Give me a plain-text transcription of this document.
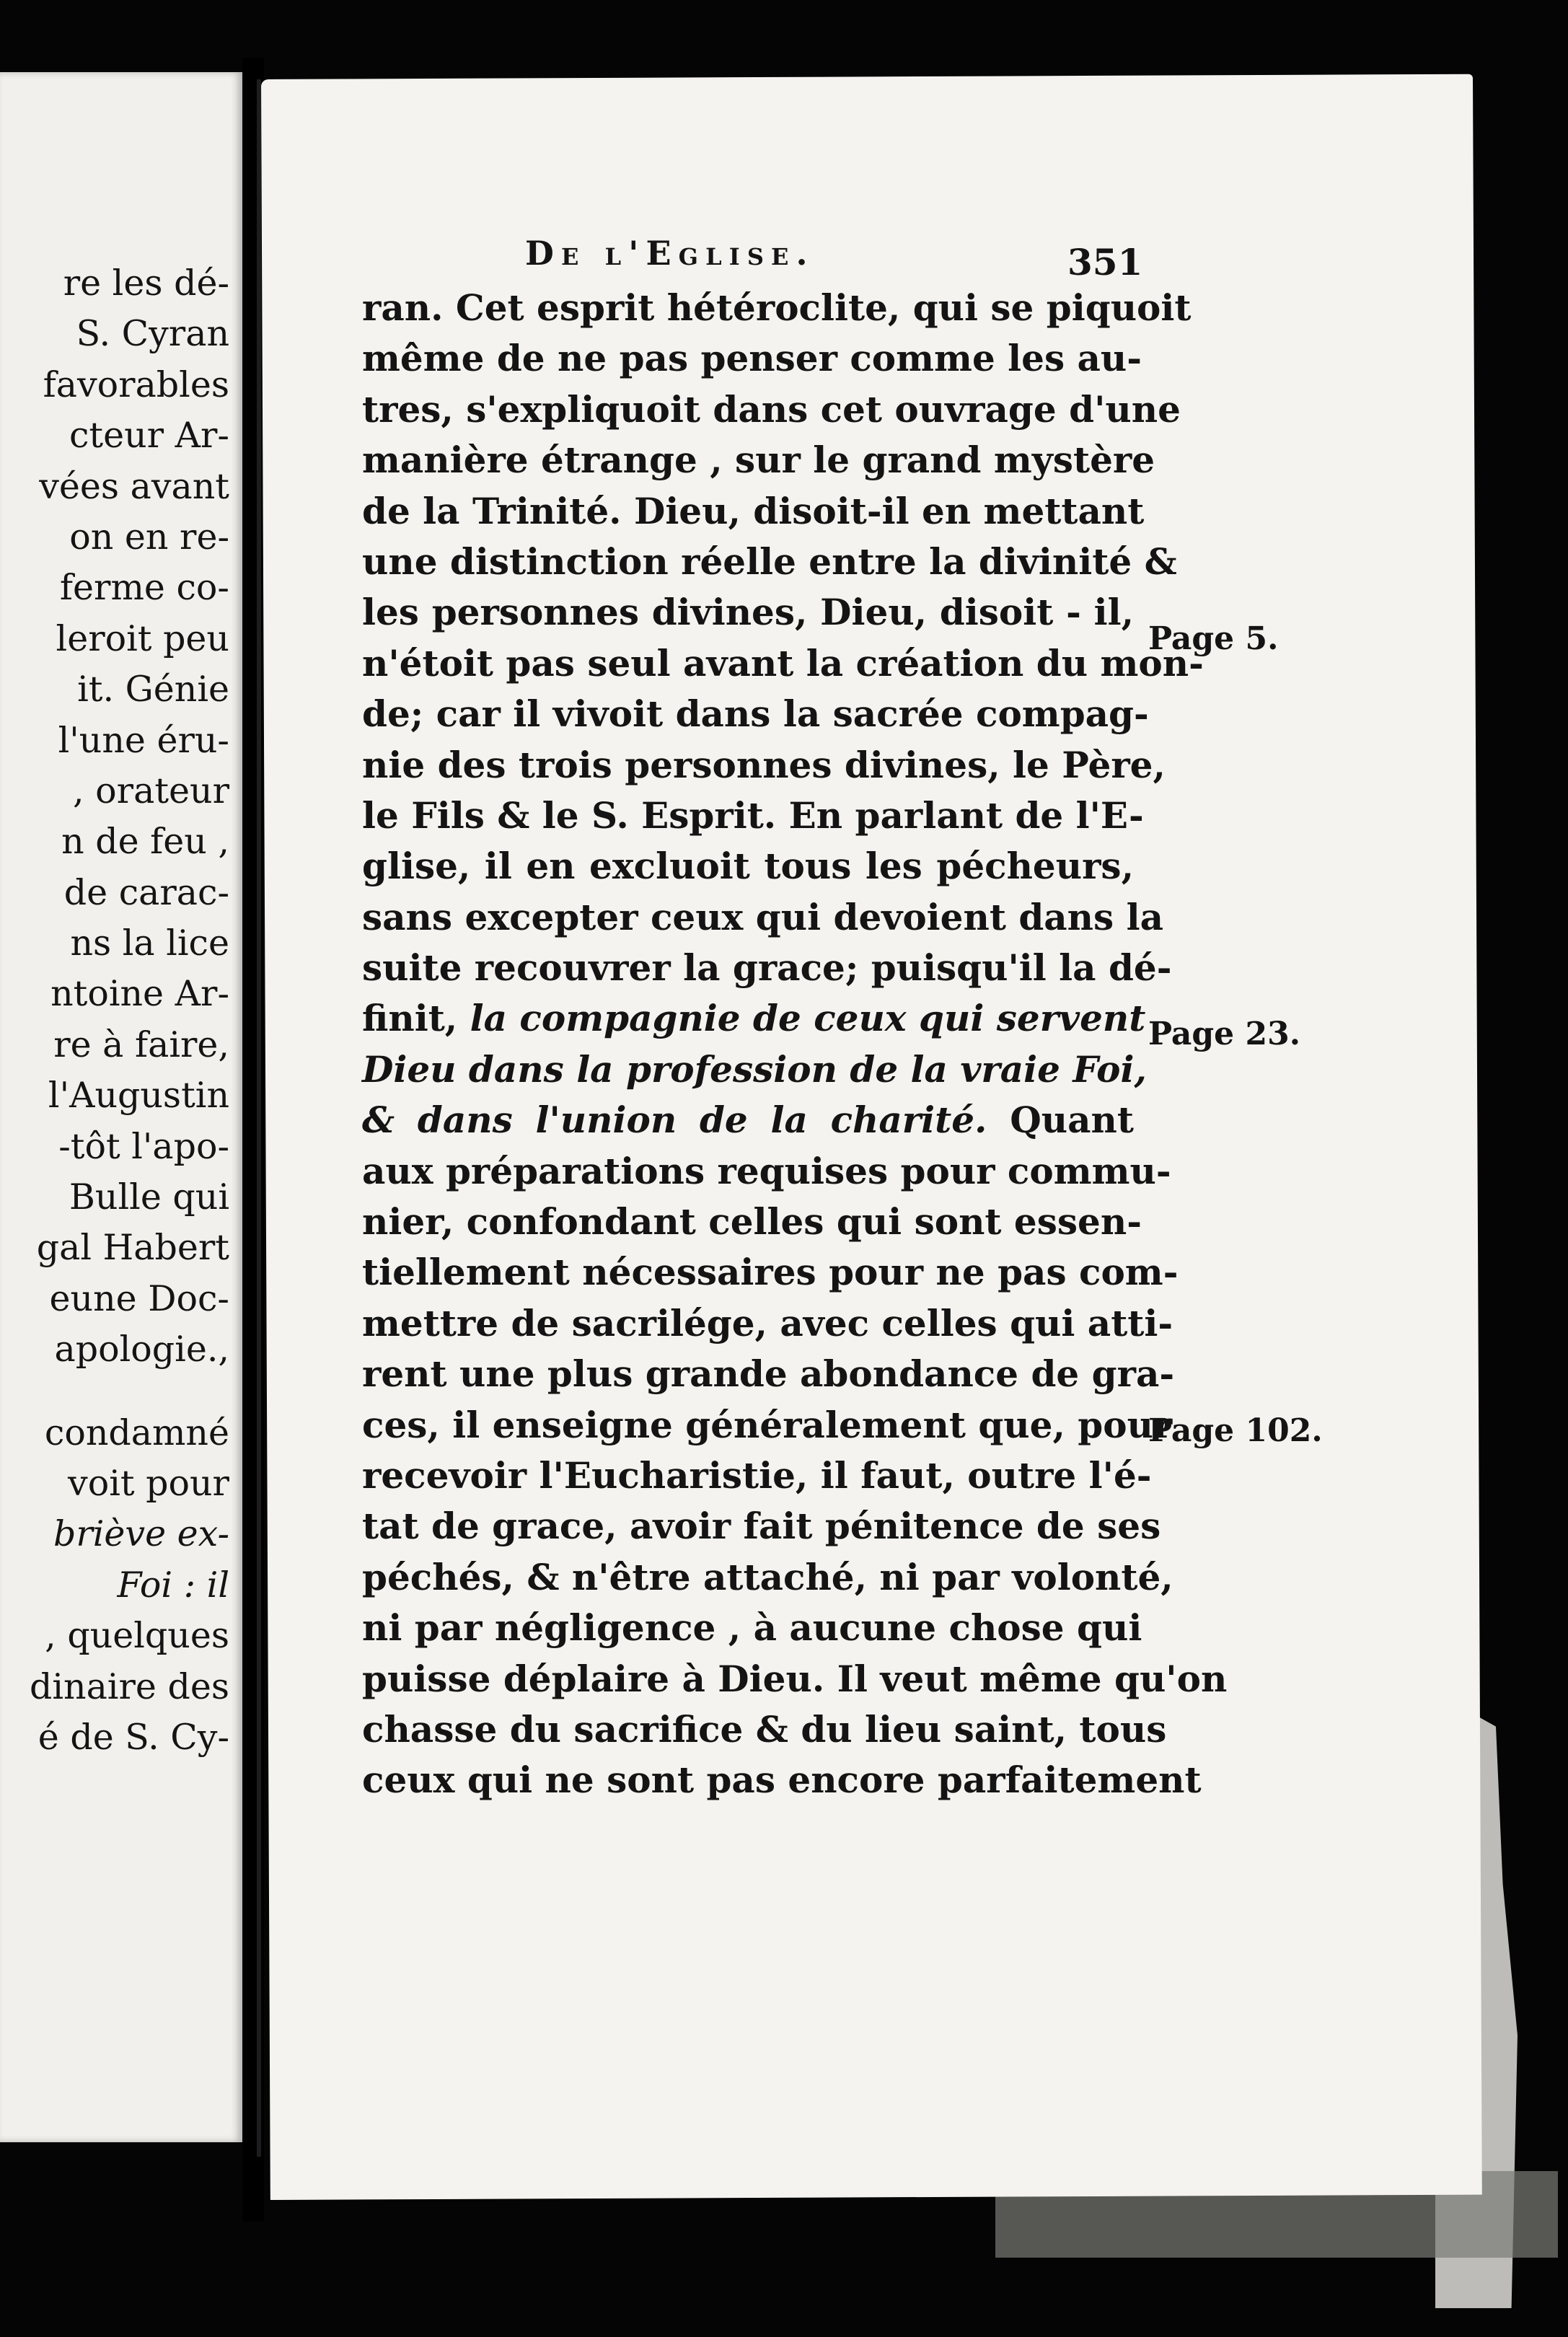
re les dé-
S. Cyran
favorables
cteur Ar-
vées avant
on en re-
ferme co-
leroit peu
it. Génie
l'une éru-
, orateur
n de feu ,
de carac-
ns la lice
ntoine Ar-
re à faire,
l'Augustin
-tôt l'apo-
Bulle qui
gal Habert
eune Doc-
apologie.,
condamné
voit pour
briève ex-
Foi : il
, quelques
dinaire des
é de S. Cy-
De l'Eglise.	351
ran. Cet esprit hétéroclite, qui se piquoit
même de ne pas penser comme les au-
tres, s'expliquoit dans cet ouvrage d'une
manière étrange , sur le grand mystère
de la Trinité. Dieu, disoit-il en mettant
une distinction réelle entre la divinité &
les personnes divines, Dieu, disoit - il,
n'étoit pas seul avant la création du mon-
de; car il vivoit dans la sacrée compag-
nie des trois personnes divines, le Père,
le Fils & le S. Esprit. En parlant de l'E-
glise, il en excluoit tous les pécheurs,
sans excepter ceux qui devoient dans la
suite recouvrer la grace; puisqu'il la dé-
finit, la compagnie de ceux qui servent
Dieu dans la profession de la vraie Foi,
& dans l'union de la charité. Quant
aux préparations requises pour commu-
nier, confondant celles qui sont essen-
tiellement nécessaires pour ne pas com-
mettre de sacrilége, avec celles qui atti-
rent une plus grande abondance de gra-
ces, il enseigne généralement que, pour
recevoir l'Eucharistie, il faut, outre l'é-
tat de grace, avoir fait pénitence de ses
péchés, & n'être attaché, ni par volonté,
ni par négligence , à aucune chose qui
puisse déplaire à Dieu. Il veut même qu'on
chasse du sacrifice & du lieu saint, tous
ceux qui ne sont pas encore parfaitement
Page 5.
Page 23.
Page 102.
